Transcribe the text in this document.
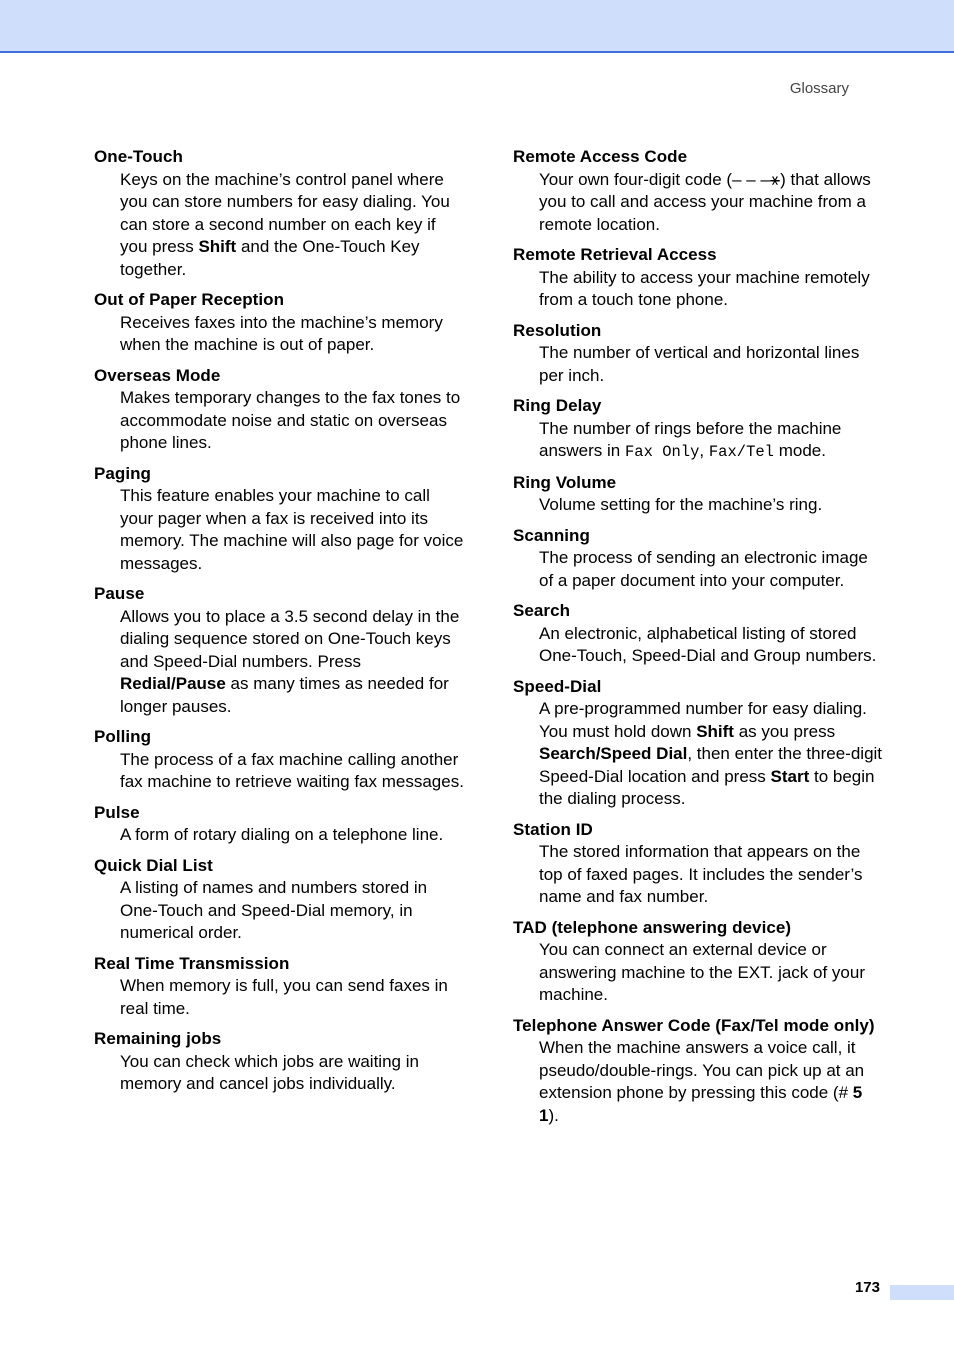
Glossary

One-Touch

Keys on the machine’s control panel where you can store numbers for easy dialing. You can store a second number on each key if you press Shift and the One-Touch Key together.

Out of Paper Reception

Receives faxes into the machine’s memory when the machine is out of paper.

Overseas Mode

Makes temporary changes to the fax tones to accommodate noise and static on overseas phone lines.

Paging

This feature enables your machine to call your pager when a fax is received into its memory. The machine will also page for voice messages.

Pause

Allows you to place a 3.5 second delay in the dialing sequence stored on One-Touch keys and Speed-Dial numbers. Press Redial/Pause as many times as needed for longer pauses.

Polling

The process of a fax machine calling another fax machine to retrieve waiting fax messages.

Pulse

A form of rotary dialing on a telephone line.

Quick Dial List

A listing of names and numbers stored in One-Touch and Speed-Dial memory, in numerical order.

Real Time Transmission

When memory is full, you can send faxes in real time.

Remaining jobs

You can check which jobs are waiting in memory and cancel jobs individually.

Remote Access Code

Your own four-digit code (– – –⚹) that allows you to call and access your machine from a remote location.

Remote Retrieval Access

The ability to access your machine remotely from a touch tone phone.

Resolution

The number of vertical and horizontal lines per inch.

Ring Delay

The number of rings before the machine answers in Fax Only, Fax/Tel mode.

Ring Volume

Volume setting for the machine’s ring.

Scanning

The process of sending an electronic image of a paper document into your computer.

Search

An electronic, alphabetical listing of stored One-Touch, Speed-Dial and Group numbers.

Speed-Dial

A pre-programmed number for easy dialing. You must hold down Shift as you press Search/Speed Dial, then enter the three-digit Speed-Dial location and press Start to begin the dialing process.

Station ID

The stored information that appears on the top of faxed pages. It includes the sender’s name and fax number.

TAD (telephone answering device)

You can connect an external device or answering machine to the EXT. jack of your machine.

Telephone Answer Code (Fax/Tel mode only)

When the machine answers a voice call, it pseudo/double-rings. You can pick up at an extension phone by pressing this code (# 5 1).

173
